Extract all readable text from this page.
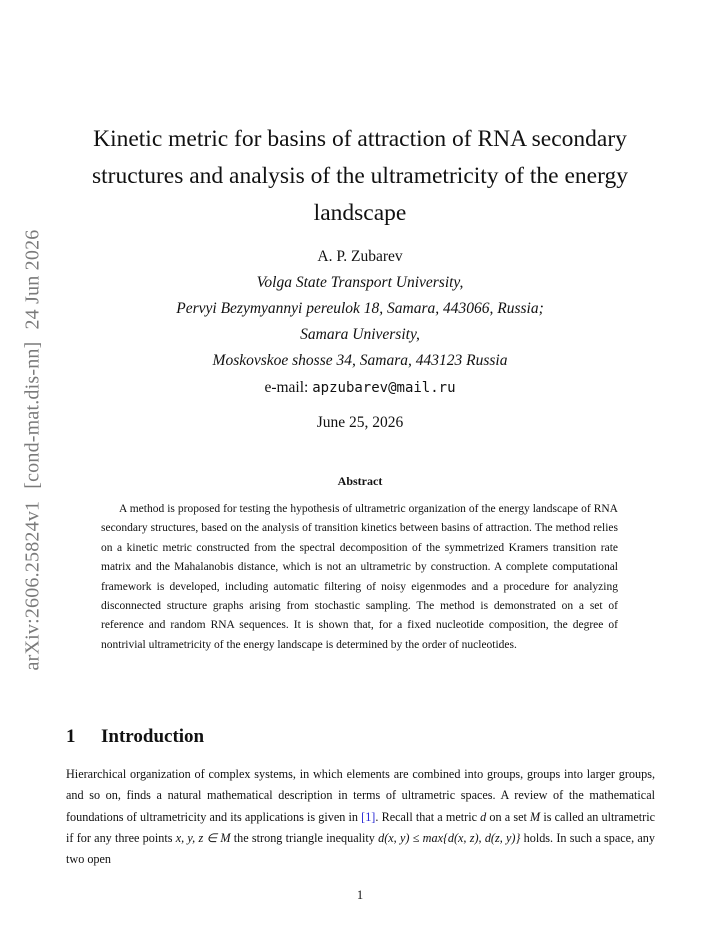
arXiv:2606.25824v1[cond-mat.dis-nn]24 Jun 2026
Kinetic metric for basins of attraction of RNA secondary
structures and analysis of the ultrametricity of the energy
landscape
A. P. Zubarev
Volga State Transport University,
Pervyi Bezymyannyi pereulok 18, Samara, 443066, Russia;
Samara University,
Moskovskoe shosse 34, Samara, 443123 Russia
e-mail: apzubarev@mail.ru
June 25, 2026
Abstract
A method is proposed for testing the hypothesis of ultrametric organization of the energy landscape of RNA secondary structures, based on the analysis of transition kinetics between basins of attraction. The method relies on a kinetic metric constructed from the spectral decomposition of the symmetrized Kramers transition rate matrix and the Mahalanobis distance, which is not an ultrametric by construction. A complete computational framework is developed, including automatic filtering of noisy eigenmodes and a procedure for analyzing disconnected structure graphs arising from stochastic sampling. The method is demonstrated on a set of reference and random RNA sequences. It is shown that, for a fixed nucleotide composition, the degree of nontrivial ultrametricity of the energy landscape is determined by the order of nucleotides.
1 Introduction
Hierarchical organization of complex systems, in which elements are combined into groups, groups into larger groups, and so on, finds a natural mathematical description in terms of ultrametric spaces. A review of the mathematical foundations of ultrametricity and its applications is given in [1]. Recall that a metric d on a set M is called an ultrametric if for any three points x, y, z ∈ M the strong triangle inequality d(x, y) ≤ max{d(x, z), d(z, y)} holds. In such a space, any two open
1
